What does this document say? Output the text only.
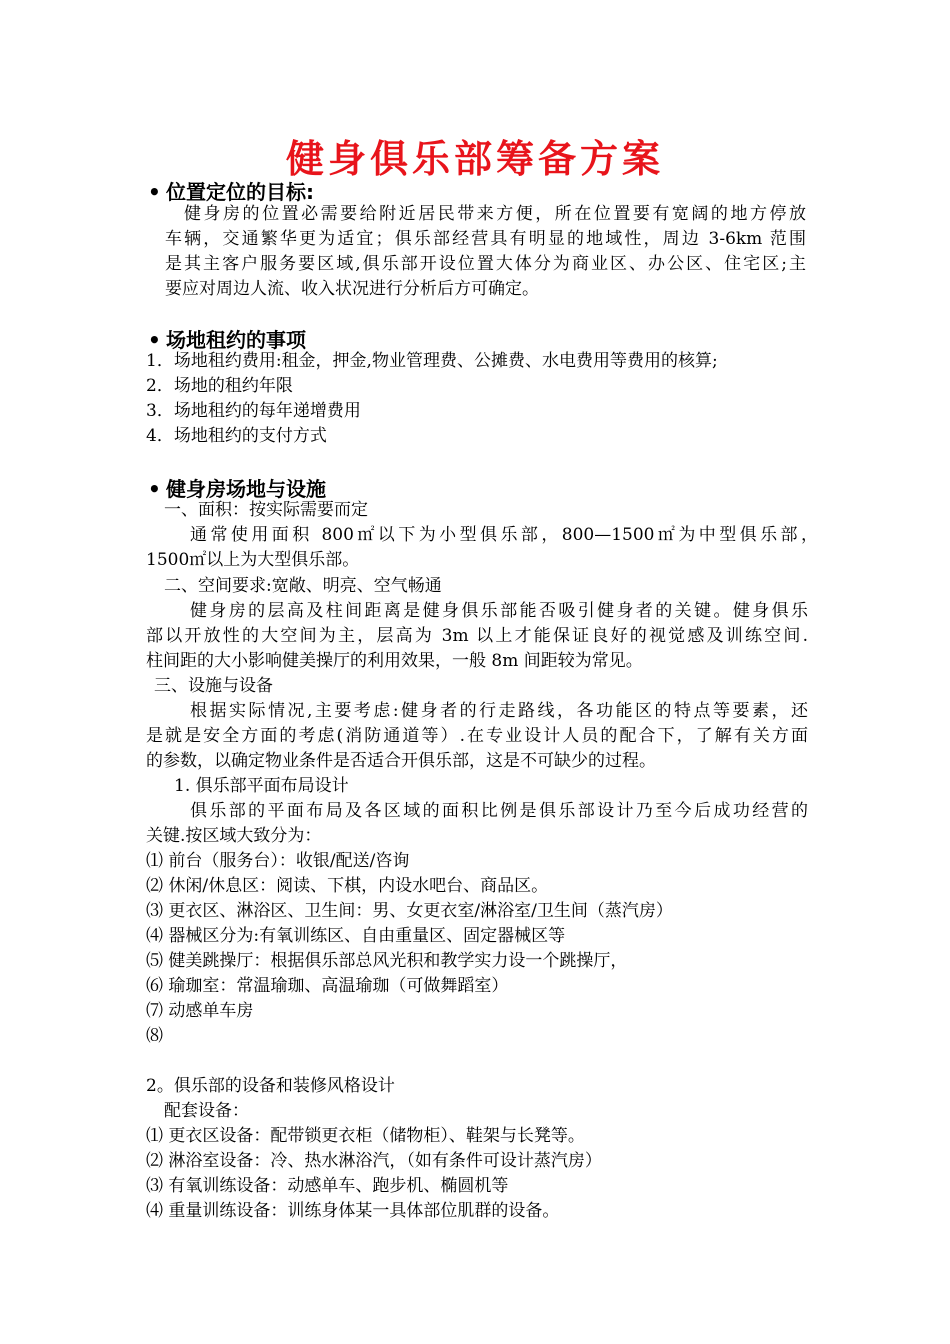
健身俱乐部筹备方案
• 位置定位的目标:
健身房的位置必需要给附近居民带来方便，所在位置要有宽阔的地方停放
车辆，交通繁华更为适宜；俱乐部经营具有明显的地域性，周边 3-6km 范围
是其主客户服务要区域,俱乐部开设位置大体分为商业区、办公区、住宅区;主
要应对周边人流、收入状况进行分析后方可确定。
• 场地租约的事项
1．场地租约费用:租金，押金,物业管理费、公摊费、水电费用等费用的核算;
2．场地的租约年限
3．场地租约的每年递增费用
4．场地租约的支付方式
• 健身房场地与设施
一、面积：按实际需要而定
通常使用面积 800㎡以下为小型俱乐部，800—1500㎡为中型俱乐部，
1500㎡以上为大型俱乐部。
二、空间要求:宽敞、明亮、空气畅通
健身房的层高及柱间距离是健身俱乐部能否吸引健身者的关键。健身俱乐
部以开放性的大空间为主，层高为 3m 以上才能保证良好的视觉感及训练空间.
柱间距的大小影响健美操厅的利用效果，一般 8m 间距较为常见。
三、设施与设备
根据实际情况,主要考虑:健身者的行走路线，各功能区的特点等要素，还
是就是安全方面的考虑(消防通道等）.在专业设计人员的配合下，了解有关方面
的参数，以确定物业条件是否适合开俱乐部，这是不可缺少的过程。
1. 俱乐部平面布局设计
俱乐部的平面布局及各区域的面积比例是俱乐部设计乃至今后成功经营的
关键.按区域大致分为：
⑴ 前台（服务台）：收银/配送/咨询
⑵ 休闲/休息区：阅读、下棋，内设水吧台、商品区。
⑶ 更衣区、淋浴区、卫生间：男、女更衣室/淋浴室/卫生间（蒸汽房）
⑷ 器械区分为:有氧训练区、自由重量区、固定器械区等
⑸ 健美跳操厅：根据俱乐部总风光积和教学实力设一个跳操厅，
⑹ 瑜珈室：常温瑜珈、高温瑜珈（可做舞蹈室）
⑺ 动感单车房
⑻
2。俱乐部的设备和装修风格设计
配套设备：
⑴ 更衣区设备：配带锁更衣柜（储物柜）、鞋架与长凳等。
⑵ 淋浴室设备：冷、热水淋浴汽，（如有条件可设计蒸汽房）
⑶ 有氧训练设备：动感单车、跑步机、椭圆机等
⑷ 重量训练设备：训练身体某一具体部位肌群的设备。
